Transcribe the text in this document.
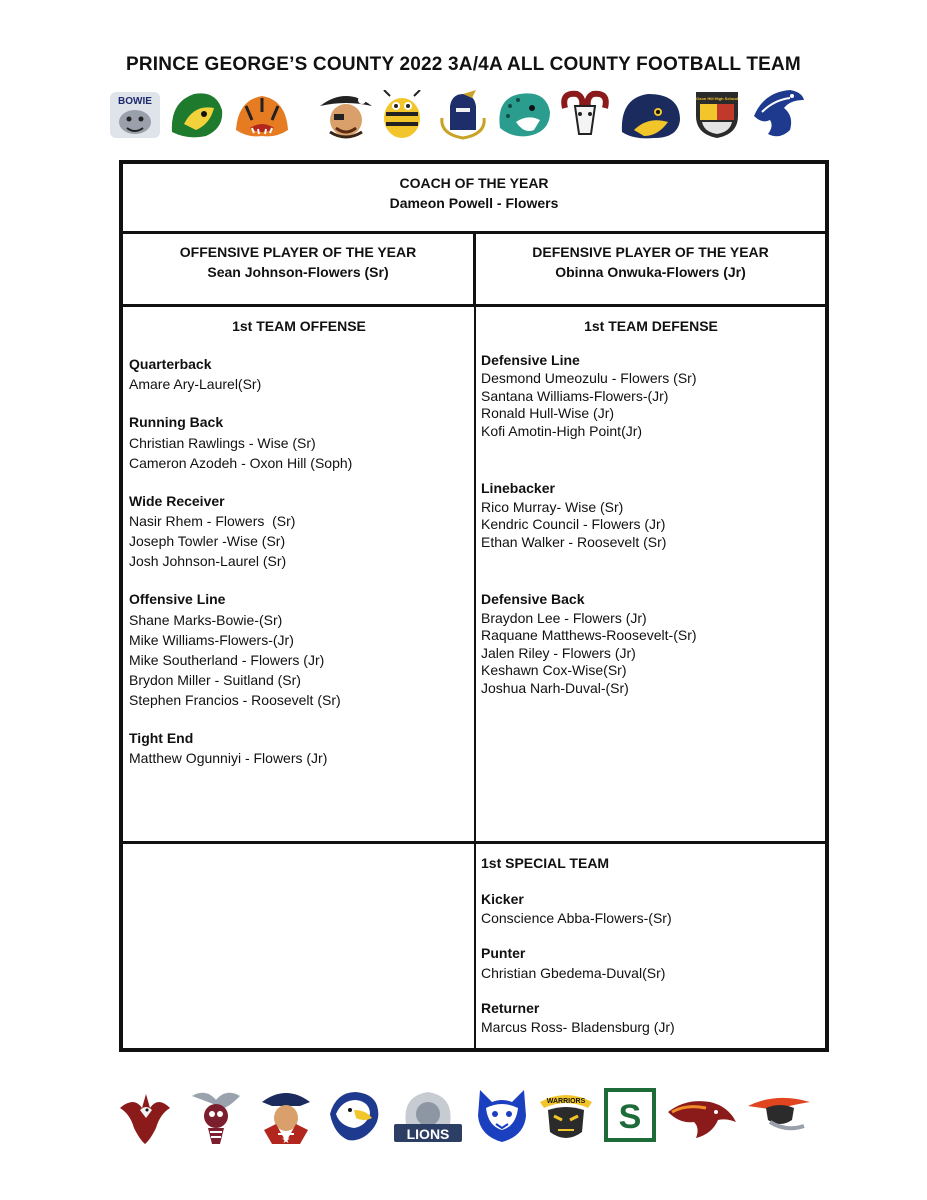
PRINCE GEORGE’S COUNTY 2022 3A/4A ALL COUNTY FOOTBALL TEAM
BOWIE	Oxon Hill High School
COACH OF THE YEAR
Dameon Powell - Flowers
OFFENSIVE PLAYER OF THE YEAR
Sean Johnson-Flowers (Sr)
DEFENSIVE PLAYER OF THE YEAR
Obinna Onwuka-Flowers (Jr)
1st TEAM OFFENSE
Quarterback
Amare Ary-Laurel(Sr)
Running Back
Christian Rawlings - Wise (Sr)
Cameron Azodeh - Oxon Hill (Soph)
Wide Receiver
Nasir Rhem - Flowers  (Sr)
Joseph Towler -Wise (Sr)
Josh Johnson-Laurel (Sr)
Offensive Line
Shane Marks-Bowie-(Sr)
Mike Williams-Flowers-(Jr)
Mike Southerland - Flowers (Jr)
Brydon Miller - Suitland (Sr)
Stephen Francios - Roosevelt (Sr)
Tight End
Matthew Ogunniyi - Flowers (Jr)
1st TEAM DEFENSE
Defensive Line
Desmond Umeozulu - Flowers (Sr)
Santana Williams-Flowers-(Jr)
Ronald Hull-Wise (Jr)
Kofi Amotin-High Point(Jr)
Linebacker
Rico Murray- Wise (Sr)
Kendric Council - Flowers (Jr)
Ethan Walker - Roosevelt (Sr)
Defensive Back
Braydon Lee - Flowers (Jr)
Raquane Matthews-Roosevelt-(Sr)
Jalen Riley - Flowers (Jr)
Keshawn Cox-Wise(Sr)
Joshua Narh-Duval-(Sr)
1st SPECIAL TEAM
Kicker
Conscience Abba-Flowers-(Sr)
Punter
Christian Gbedema-Duval(Sr)
Returner
Marcus Ross- Bladensburg (Jr)
★	LIONS
WARRIORS S
